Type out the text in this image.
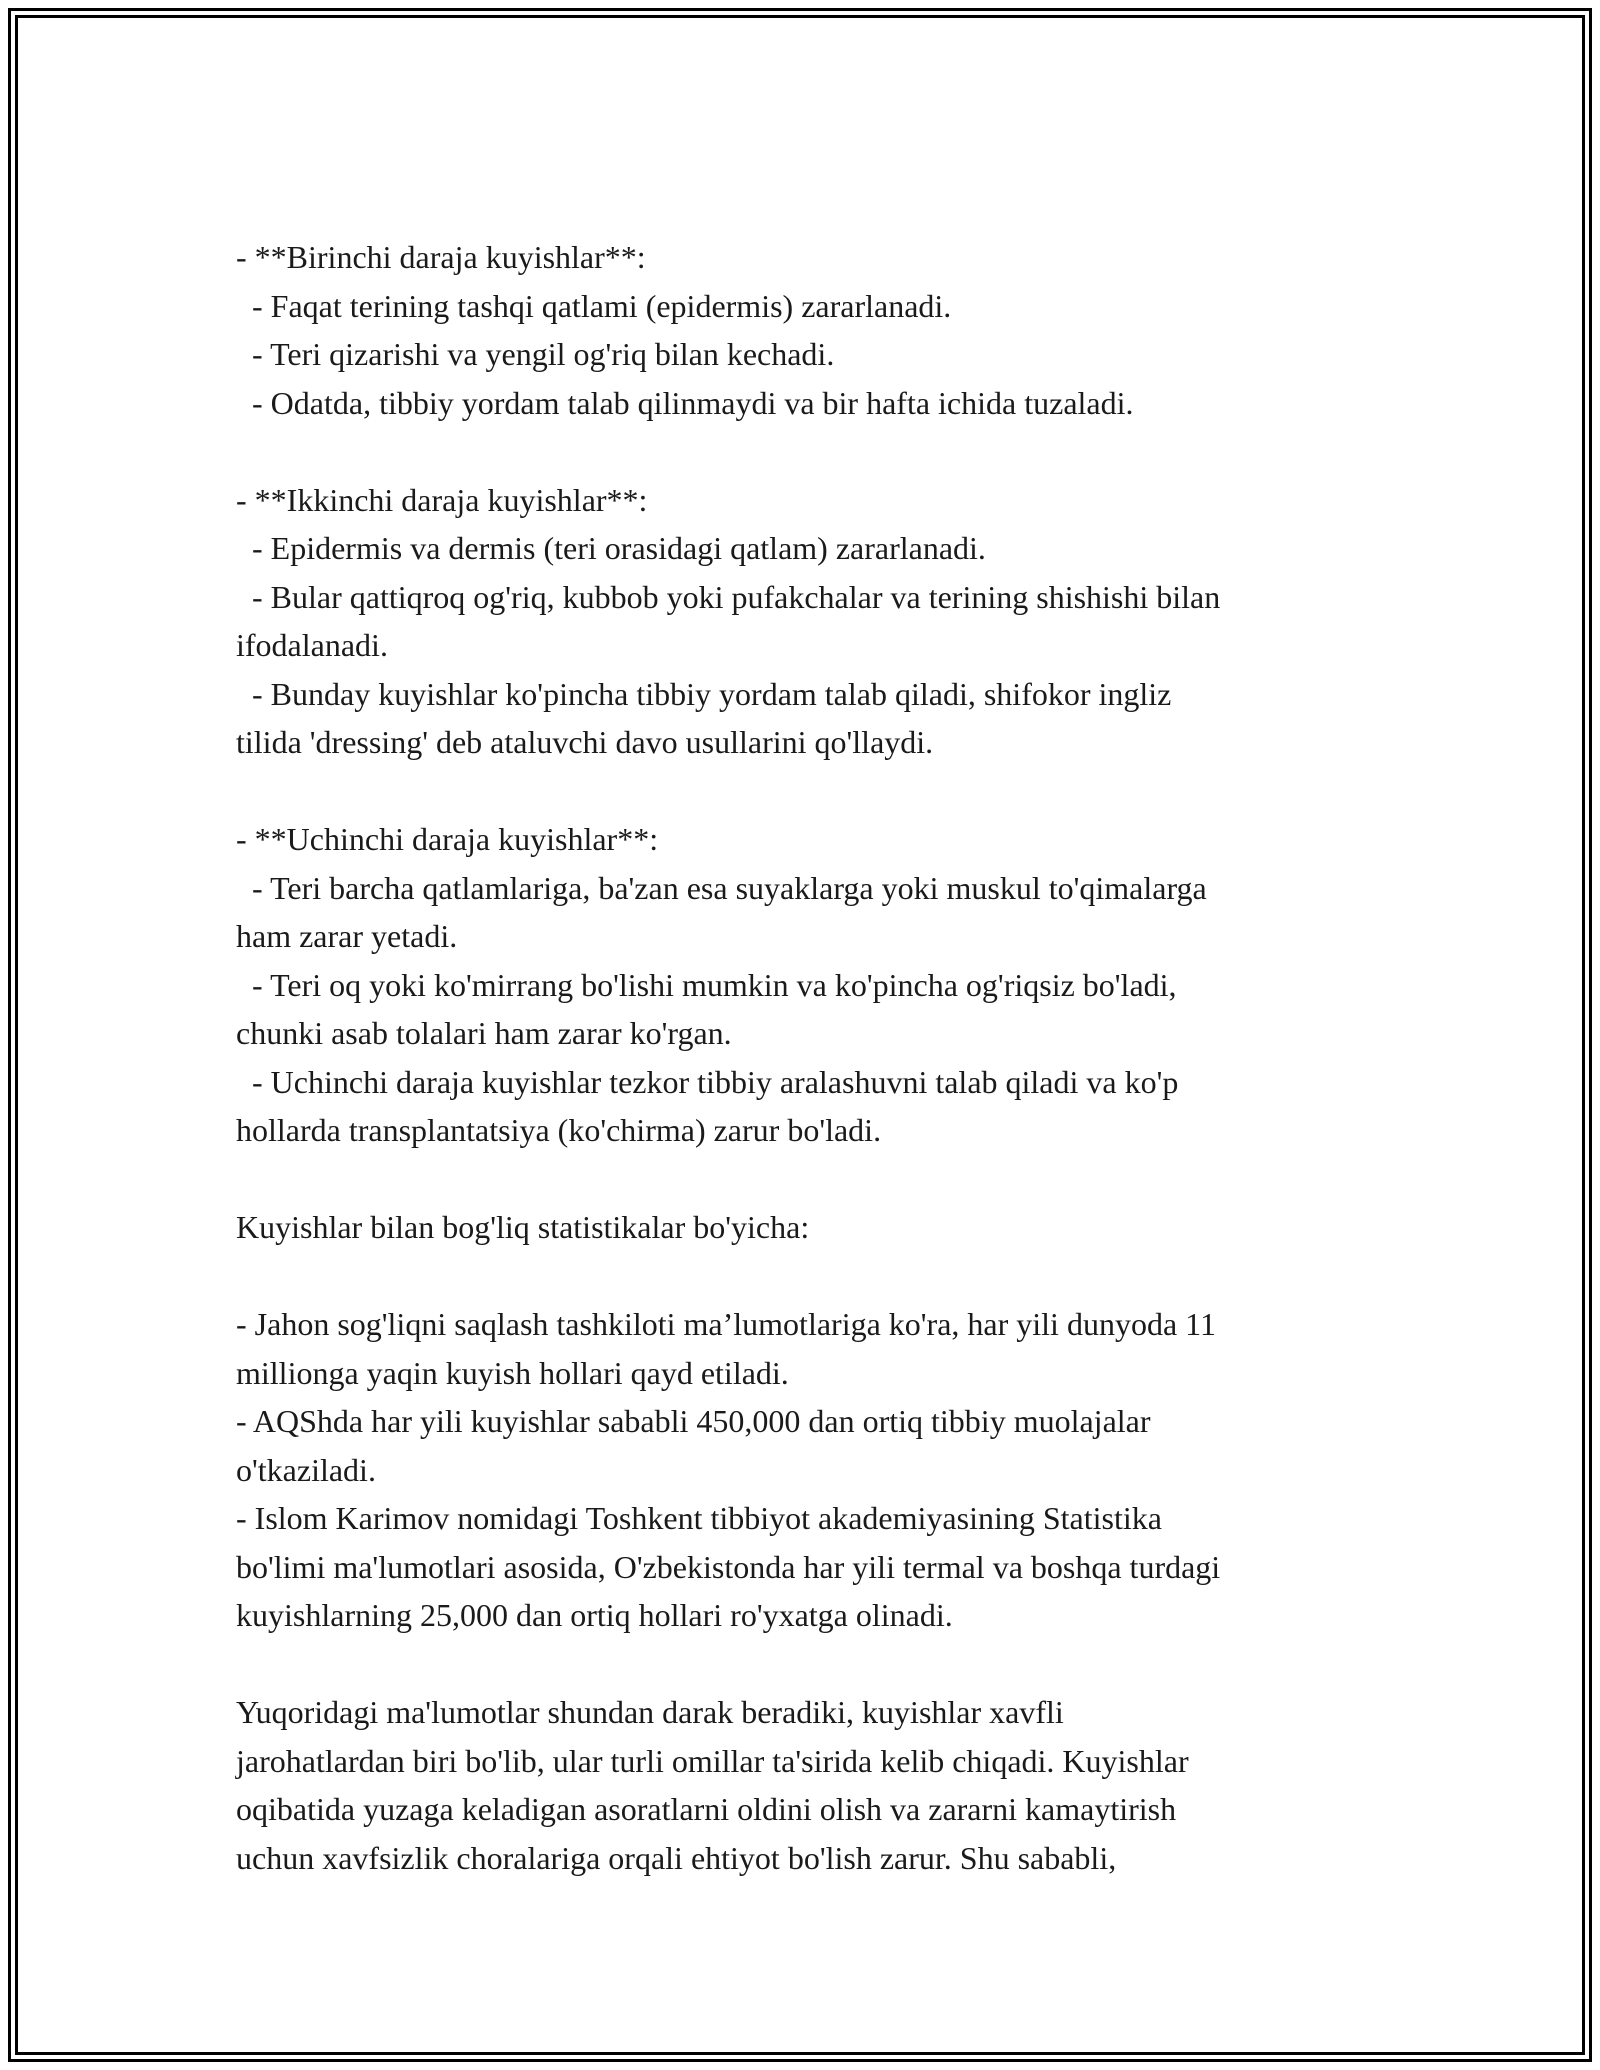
- **Birinchi daraja kuyishlar**:

- Faqat terining tashqi qatlami (epidermis) zararlanadi.

- Teri qizarishi va yengil og'riq bilan kechadi.

- Odatda, tibbiy yordam talab qilinmaydi va bir hafta ichida tuzaladi.

- **Ikkinchi daraja kuyishlar**:

- Epidermis va dermis (teri orasidagi qatlam) zararlanadi.

- Bular qattiqroq og'riq, kubbob yoki pufakchalar va terining shishishi bilan

ifodalanadi.

- Bunday kuyishlar ko'pincha tibbiy yordam talab qiladi, shifokor ingliz

tilida 'dressing' deb ataluvchi davo usullarini qo'llaydi.

- **Uchinchi daraja kuyishlar**:

- Teri barcha qatlamlariga, ba'zan esa suyaklarga yoki muskul to'qimalarga

ham zarar yetadi.

- Teri oq yoki ko'mirrang bo'lishi mumkin va ko'pincha og'riqsiz bo'ladi,

chunki asab tolalari ham zarar ko'rgan.

- Uchinchi daraja kuyishlar tezkor tibbiy aralashuvni talab qiladi va ko'p

hollarda transplantatsiya (ko'chirma) zarur bo'ladi.

Kuyishlar bilan bog'liq statistikalar bo'yicha:

- Jahon sog'liqni saqlash tashkiloti ma’lumotlariga ko'ra, har yili dunyoda 11

millionga yaqin kuyish hollari qayd etiladi.

- AQShda har yili kuyishlar sababli 450,000 dan ortiq tibbiy muolajalar

o'tkaziladi.

- Islom Karimov nomidagi Toshkent tibbiyot akademiyasining Statistika

bo'limi ma'lumotlari asosida, O'zbekistonda har yili termal va boshqa turdagi

kuyishlarning 25,000 dan ortiq hollari ro'yxatga olinadi.

Yuqoridagi ma'lumotlar shundan darak beradiki, kuyishlar xavfli

jarohatlardan biri bo'lib, ular turli omillar ta'sirida kelib chiqadi. Kuyishlar

oqibatida yuzaga keladigan asoratlarni oldini olish va zararni kamaytirish

uchun xavfsizlik choralariga orqali ehtiyot bo'lish zarur. Shu sababli,
